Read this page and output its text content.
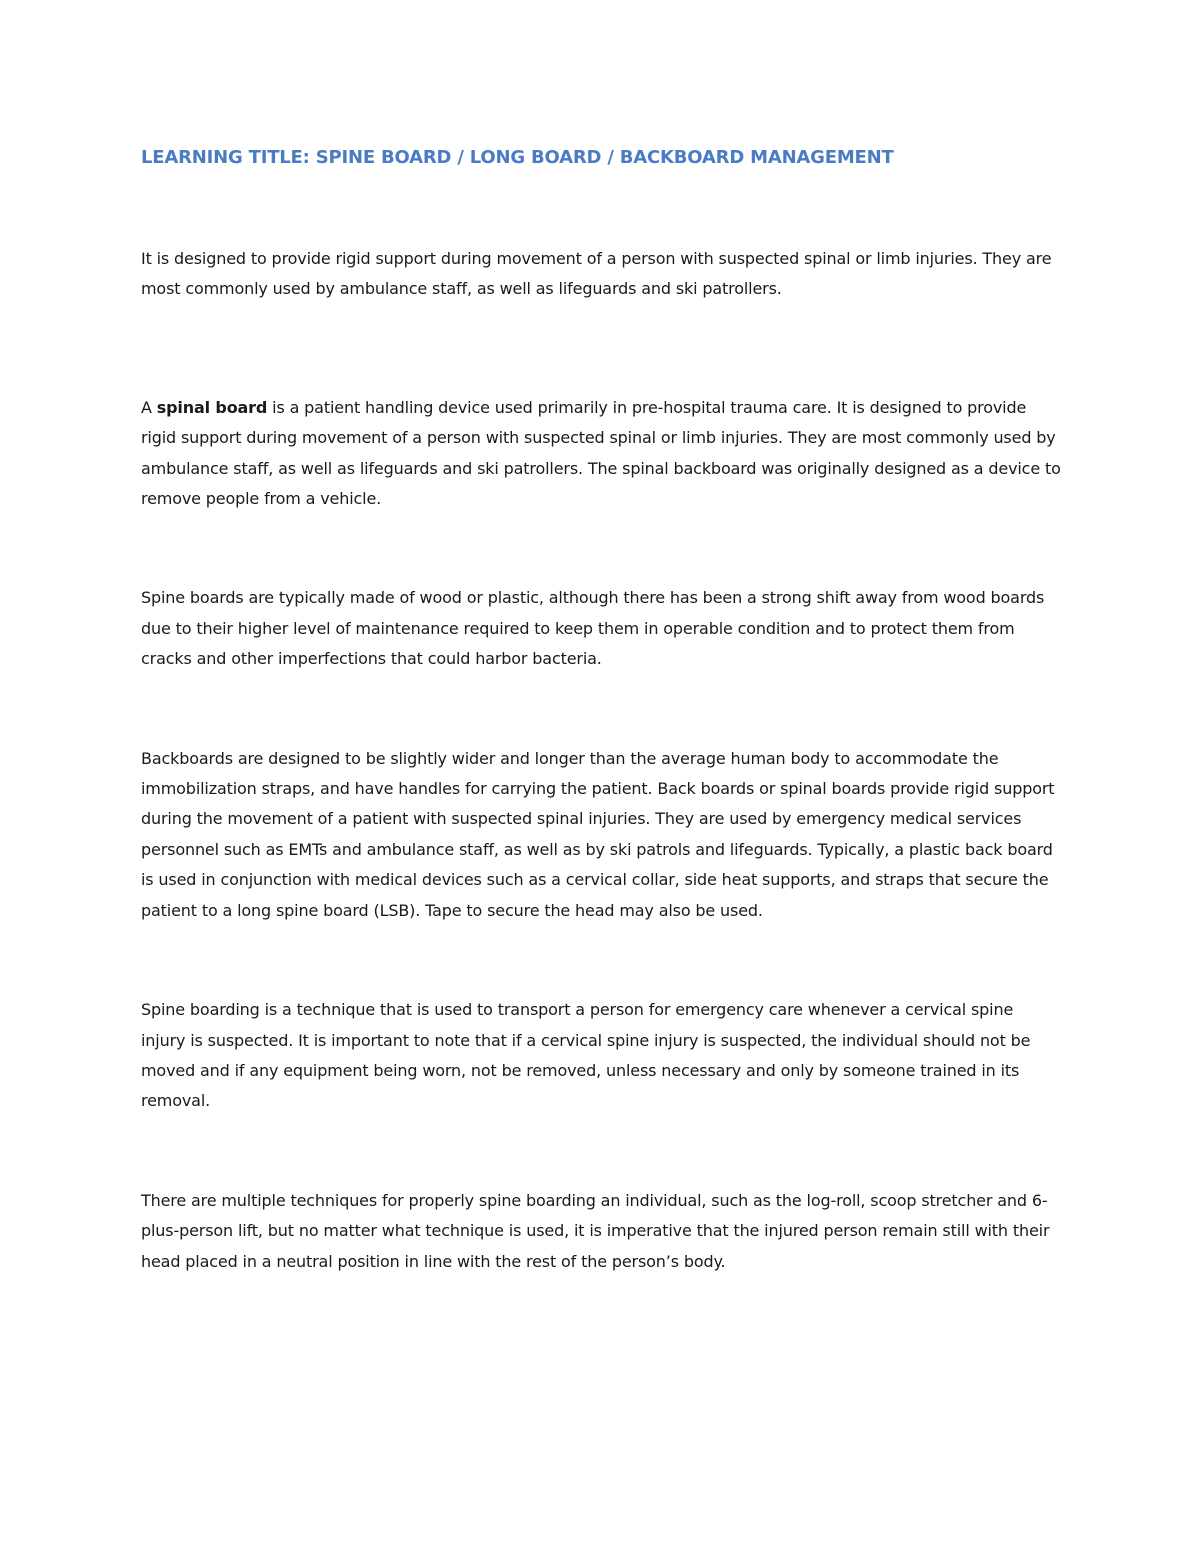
LEARNING TITLE: SPINE BOARD / LONG BOARD / BACKBOARD MANAGEMENT

It is designed to provide rigid support during movement of a person with suspected spinal or limb injuries. They are most commonly used by ambulance staff, as well as lifeguards and ski patrollers.

A spinal board is a patient handling device used primarily in pre-hospital trauma care. It is designed to provide rigid support during movement of a person with suspected spinal or limb injuries. They are most commonly used by ambulance staff, as well as lifeguards and ski patrollers. The spinal backboard was originally designed as a device to remove people from a vehicle.

Spine boards are typically made of wood or plastic, although there has been a strong shift away from wood boards due to their higher level of maintenance required to keep them in operable condition and to protect them from cracks and other imperfections that could harbor bacteria.

Backboards are designed to be slightly wider and longer than the average human body to accommodate the immobilization straps, and have handles for carrying the patient. Back boards or spinal boards provide rigid support during the movement of a patient with suspected spinal injuries. They are used by emergency medical services personnel such as EMTs and ambulance staff, as well as by ski patrols and lifeguards. Typically, a plastic back board is used in conjunction with medical devices such as a cervical collar, side heat supports, and straps that secure the patient to a long spine board (LSB). Tape to secure the head may also be used.

Spine boarding is a technique that is used to transport a person for emergency care whenever a cervical spine injury is suspected. It is important to note that if a cervical spine injury is suspected, the individual should not be moved and if any equipment being worn, not be removed, unless necessary and only by someone trained in its removal.

There are multiple techniques for properly spine boarding an individual, such as the log-roll, scoop stretcher and 6-plus-person lift, but no matter what technique is used, it is imperative that the injured person remain still with their head placed in a neutral position in line with the rest of the person’s body.
